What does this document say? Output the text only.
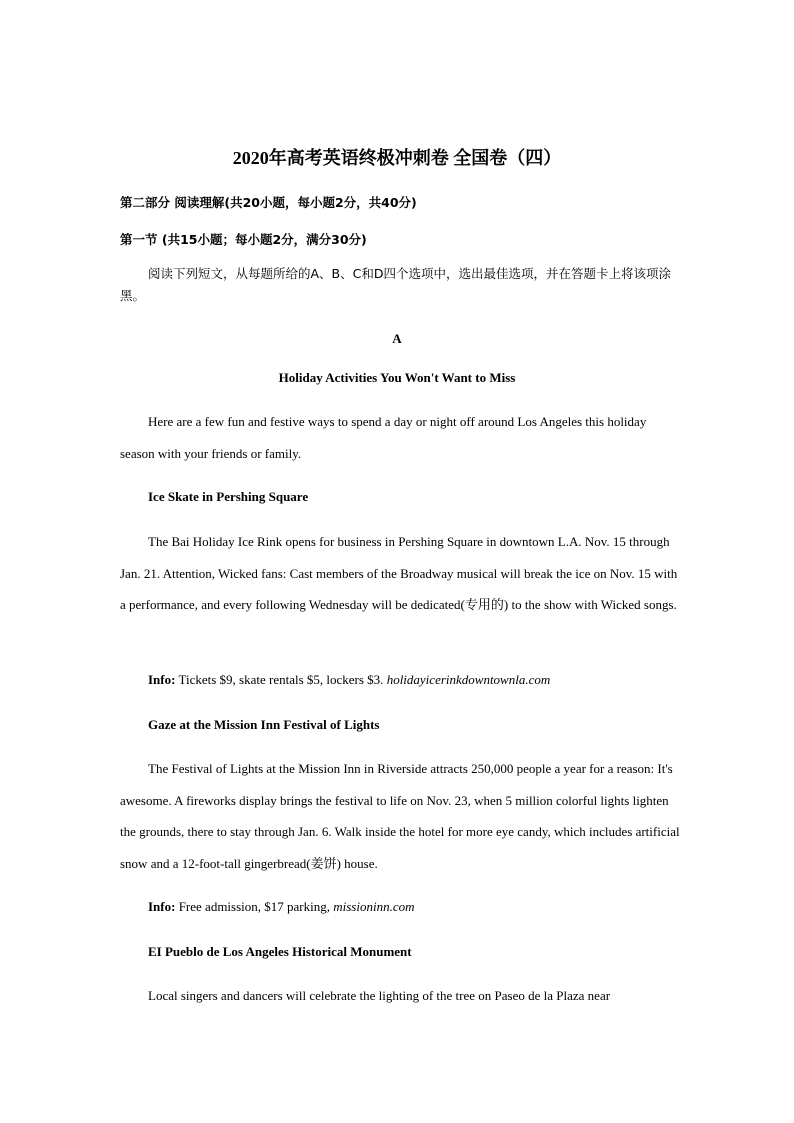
2020年高考英语终极冲刺卷 全国卷（四）
第二部分 阅读理解(共20小题，每小题2分，共40分)
第一节 (共15小题；每小题2分，满分30分)
阅读下列短文，从每题所给的A、B、C和D四个选项中，选出最佳选项，并在答题卡上将该项涂黑。
A
Holiday Activities You Won't Want to Miss
Here are a few fun and festive ways to spend a day or night off around Los Angeles this holiday season with your friends or family.
Ice Skate in Pershing Square
The Bai Holiday Ice Rink opens for business in Pershing Square in downtown L.A. Nov. 15 through Jan. 21. Attention, Wicked fans: Cast members of the Broadway musical will break the ice on Nov. 15 with a performance, and every following Wednesday will be dedicated(专用的) to the show with Wicked songs.
Info: Tickets $9, skate rentals $5, lockers $3. holidayicerinkdowntownla.com
Gaze at the Mission Inn Festival of Lights
The Festival of Lights at the Mission Inn in Riverside attracts 250,000 people a year for a reason: It's awesome. A fireworks display brings the festival to life on Nov. 23, when 5 million colorful lights lighten the grounds, there to stay through Jan. 6. Walk inside the hotel for more eye candy, which includes artificial snow and a 12-foot-tall gingerbread(姜饼) house.
Info: Free admission, $17 parking, missioninn.com
EI Pueblo de Los Angeles Historical Monument
Local singers and dancers will celebrate the lighting of the tree on Paseo de la Plaza near
